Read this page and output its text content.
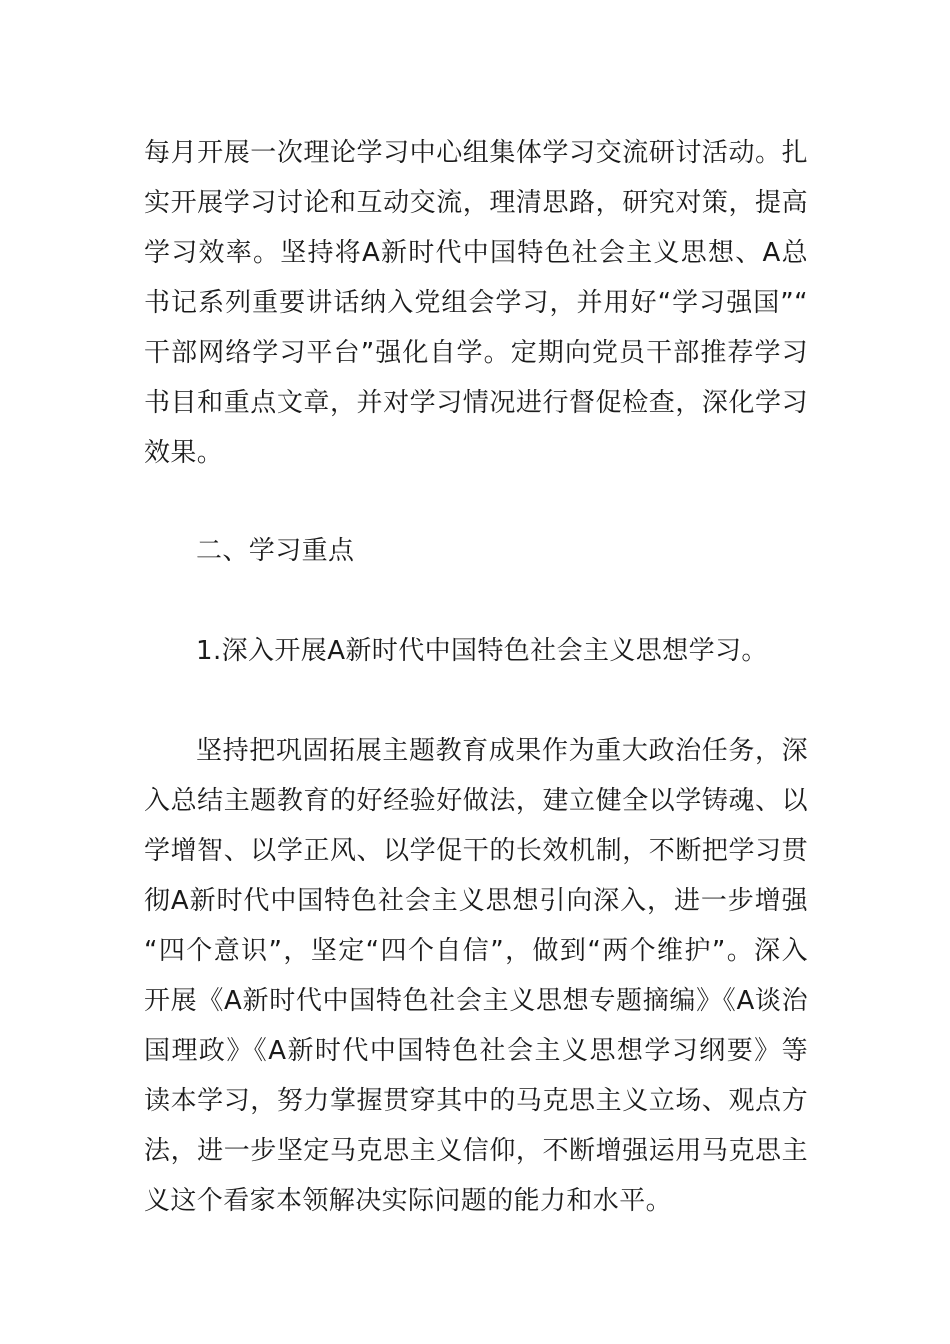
每月开展一次理论学习中心组集体学习交流研讨活动。扎实开展学习讨论和互动交流，理清思路，研究对策，提高学习效率。坚持将A新时代中国特色社会主义思想、A总书记系列重要讲话纳入党组会学习，并用好“学习强国”“干部网络学习平台”强化自学。定期向党员干部推荐学习书目和重点文章，并对学习情况进行督促检查，深化学习效果。

二、学习重点

1.深入开展A新时代中国特色社会主义思想学习。

坚持把巩固拓展主题教育成果作为重大政治任务，深入总结主题教育的好经验好做法，建立健全以学铸魂、以学增智、以学正风、以学促干的长效机制，不断把学习贯彻A新时代中国特色社会主义思想引向深入，进一步增强“四个意识”，坚定“四个自信”，做到“两个维护”。深入开展《A新时代中国特色社会主义思想专题摘编》《A谈治国理政》《A新时代中国特色社会主义思想学习纲要》等读本学习，努力掌握贯穿其中的马克思主义立场、观点方法，进一步坚定马克思主义信仰，不断增强运用马克思主义这个看家本领解决实际问题的能力和水平。
